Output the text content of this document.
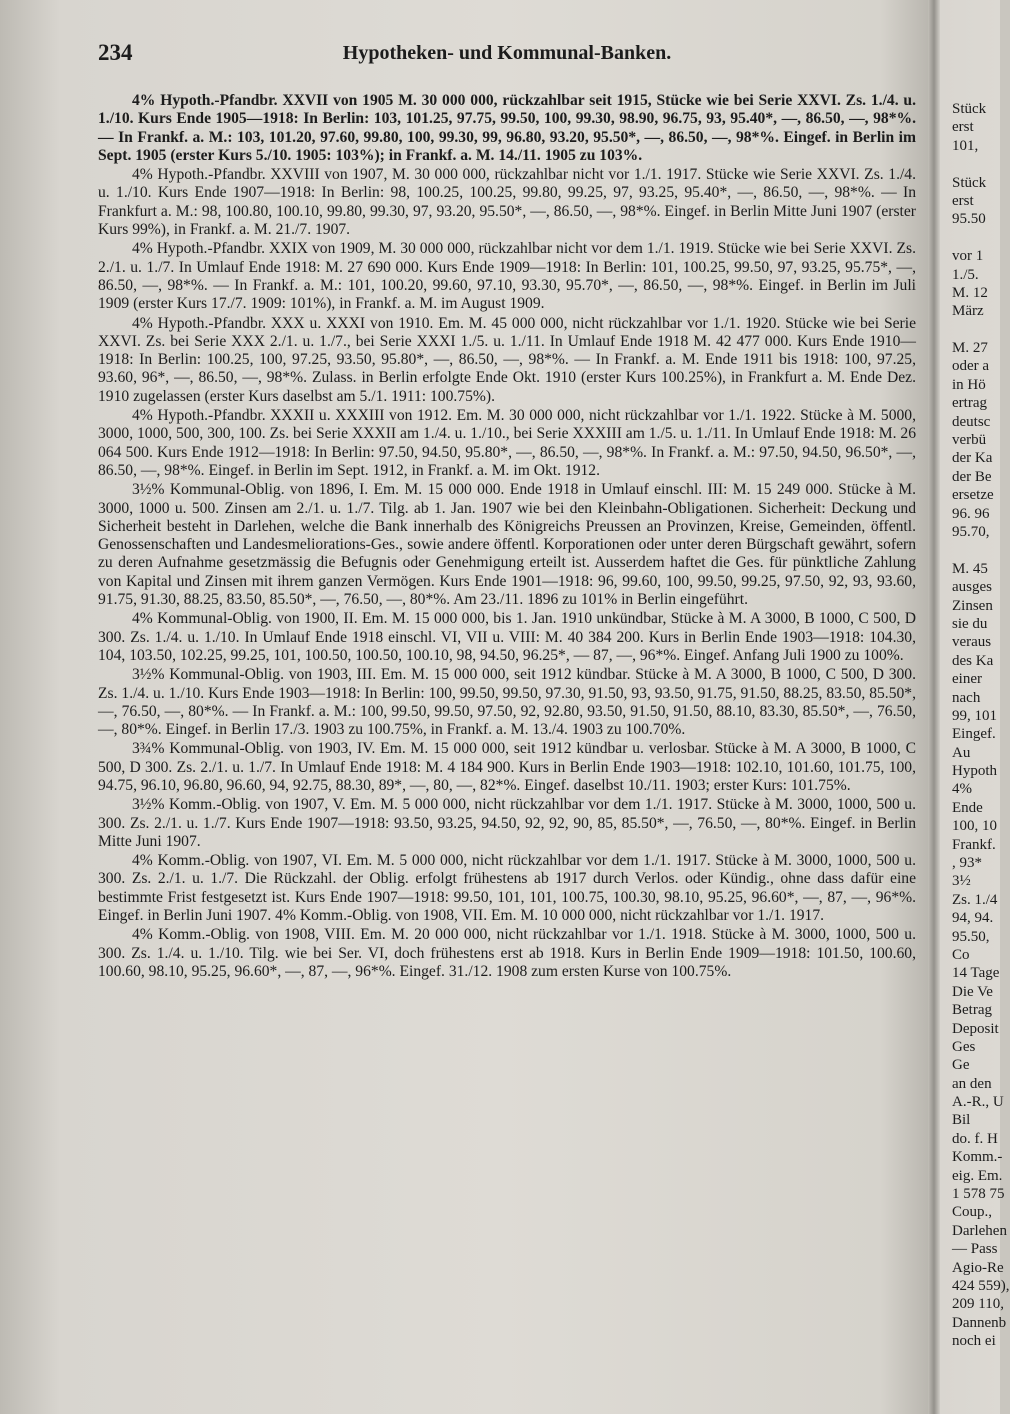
234	Hypotheken- und Kommunal-Banken.

4% Hypoth.-Pfandbr. XXVII von 1905 M. 30 000 000, rückzahlbar seit 1915, Stücke wie bei Serie XXVI. Zs. 1./4. u. 1./10. Kurs Ende 1905—1918: In Berlin: 103, 101.25, 97.75, 99.50, 100, 99.30, 98.90, 96.75, 93, 95.40*, —, 86.50, —, 98*%. — In Frankf. a. M.: 103, 101.20, 97.60, 99.80, 100, 99.30, 99, 96.80, 93.20, 95.50*, —, 86.50, —, 98*%. Eingef. in Berlin im Sept. 1905 (erster Kurs 5./10. 1905: 103%); in Frankf. a. M. 14./11. 1905 zu 103%.

4% Hypoth.-Pfandbr. XXVIII von 1907, M. 30 000 000, rückzahlbar nicht vor 1./1. 1917. Stücke wie Serie XXVI. Zs. 1./4. u. 1./10. Kurs Ende 1907—1918: In Berlin: 98, 100.25, 100.25, 99.80, 99.25, 97, 93.25, 95.40*, —, 86.50, —, 98*%. — In Frankfurt a. M.: 98, 100.80, 100.10, 99.80, 99.30, 97, 93.20, 95.50*, —, 86.50, —, 98*%. Eingef. in Berlin Mitte Juni 1907 (erster Kurs 99%), in Frankf. a. M. 21./7. 1907.

4% Hypoth.-Pfandbr. XXIX von 1909, M. 30 000 000, rückzahlbar nicht vor dem 1./1. 1919. Stücke wie bei Serie XXVI. Zs. 2./1. u. 1./7. In Umlauf Ende 1918: M. 27 690 000. Kurs Ende 1909—1918: In Berlin: 101, 100.25, 99.50, 97, 93.25, 95.75*, —, 86.50, —, 98*%. — In Frankf. a. M.: 101, 100.20, 99.60, 97.10, 93.30, 95.70*, —, 86.50, —, 98*%. Eingef. in Berlin im Juli 1909 (erster Kurs 17./7. 1909: 101%), in Frankf. a. M. im August 1909.

4% Hypoth.-Pfandbr. XXX u. XXXI von 1910. Em. M. 45 000 000, nicht rückzahlbar vor 1./1. 1920. Stücke wie bei Serie XXVI. Zs. bei Serie XXX 2./1. u. 1./7., bei Serie XXXI 1./5. u. 1./11. In Umlauf Ende 1918 M. 42 477 000. Kurs Ende 1910—1918: In Berlin: 100.25, 100, 97.25, 93.50, 95.80*, —, 86.50, —, 98*%. — In Frankf. a. M. Ende 1911 bis 1918: 100, 97.25, 93.60, 96*, —, 86.50, —, 98*%. Zulass. in Berlin erfolgte Ende Okt. 1910 (erster Kurs 100.25%), in Frankfurt a. M. Ende Dez. 1910 zugelassen (erster Kurs daselbst am 5./1. 1911: 100.75%).

4% Hypoth.-Pfandbr. XXXII u. XXXIII von 1912. Em. M. 30 000 000, nicht rückzahlbar vor 1./1. 1922. Stücke à M. 5000, 3000, 1000, 500, 300, 100. Zs. bei Serie XXXII am 1./4. u. 1./10., bei Serie XXXIII am 1./5. u. 1./11. In Umlauf Ende 1918: M. 26 064 500. Kurs Ende 1912—1918: In Berlin: 97.50, 94.50, 95.80*, —, 86.50, —, 98*%. In Frankf. a. M.: 97.50, 94.50, 96.50*, —, 86.50, —, 98*%. Eingef. in Berlin im Sept. 1912, in Frankf. a. M. im Okt. 1912.

3½% Kommunal-Oblig. von 1896, I. Em. M. 15 000 000. Ende 1918 in Umlauf einschl. III: M. 15 249 000. Stücke à M. 3000, 1000 u. 500. Zinsen am 2./1. u. 1./7. Tilg. ab 1. Jan. 1907 wie bei den Kleinbahn-Obligationen. Sicherheit: Deckung und Sicherheit besteht in Darlehen, welche die Bank innerhalb des Königreichs Preussen an Provinzen, Kreise, Gemeinden, öffentl. Genossenschaften und Landesmeliorations-Ges., sowie andere öffentl. Korporationen oder unter deren Bürgschaft gewährt, sofern zu deren Aufnahme gesetzmässig die Befugnis oder Genehmigung erteilt ist. Ausserdem haftet die Ges. für pünktliche Zahlung von Kapital und Zinsen mit ihrem ganzen Vermögen. Kurs Ende 1901—1918: 96, 99.60, 100, 99.50, 99.25, 97.50, 92, 93, 93.60, 91.75, 91.30, 88.25, 83.50, 85.50*, —, 76.50, —, 80*%. Am 23./11. 1896 zu 101% in Berlin eingeführt.

4% Kommunal-Oblig. von 1900, II. Em. M. 15 000 000, bis 1. Jan. 1910 unkündbar, Stücke à M. A 3000, B 1000, C 500, D 300. Zs. 1./4. u. 1./10. In Umlauf Ende 1918 einschl. VI, VII u. VIII: M. 40 384 200. Kurs in Berlin Ende 1903—1918: 104.30, 104, 103.50, 102.25, 99.25, 101, 100.50, 100.50, 100.10, 98, 94.50, 96.25*, — 87, —, 96*%. Eingef. Anfang Juli 1900 zu 100%.

3½% Kommunal-Oblig. von 1903, III. Em. M. 15 000 000, seit 1912 kündbar. Stücke à M. A 3000, B 1000, C 500, D 300. Zs. 1./4. u. 1./10. Kurs Ende 1903—1918: In Berlin: 100, 99.50, 99.50, 97.30, 91.50, 93, 93.50, 91.75, 91.50, 88.25, 83.50, 85.50*, —, 76.50, —, 80*%. — In Frankf. a. M.: 100, 99.50, 99.50, 97.50, 92, 92.80, 93.50, 91.50, 91.50, 88.10, 83.30, 85.50*, —, 76.50, —, 80*%. Eingef. in Berlin 17./3. 1903 zu 100.75%, in Frankf. a. M. 13./4. 1903 zu 100.70%.

3¾% Kommunal-Oblig. von 1903, IV. Em. M. 15 000 000, seit 1912 kündbar u. verlosbar. Stücke à M. A 3000, B 1000, C 500, D 300. Zs. 2./1. u. 1./7. In Umlauf Ende 1918: M. 4 184 900. Kurs in Berlin Ende 1903—1918: 102.10, 101.60, 101.75, 100, 94.75, 96.10, 96.80, 96.60, 94, 92.75, 88.30, 89*, —, 80, —, 82*%. Eingef. daselbst 10./11. 1903; erster Kurs: 101.75%.

3½% Komm.-Oblig. von 1907, V. Em. M. 5 000 000, nicht rückzahlbar vor dem 1./1. 1917. Stücke à M. 3000, 1000, 500 u. 300. Zs. 2./1. u. 1./7. Kurs Ende 1907—1918: 93.50, 93.25, 94.50, 92, 92, 90, 85, 85.50*, —, 76.50, —, 80*%. Eingef. in Berlin Mitte Juni 1907.

4% Komm.-Oblig. von 1907, VI. Em. M. 5 000 000, nicht rückzahlbar vor dem 1./1. 1917. Stücke à M. 3000, 1000, 500 u. 300. Zs. 2./1. u. 1./7. Die Rückzahl. der Oblig. erfolgt frühestens ab 1917 durch Verlos. oder Kündig., ohne dass dafür eine bestimmte Frist festgesetzt ist. Kurs Ende 1907—1918: 99.50, 101, 101, 100.75, 100.30, 98.10, 95.25, 96.60*, —, 87, —, 96*%. Eingef. in Berlin Juni 1907. 4% Komm.-Oblig. von 1908, VII. Em. M. 10 000 000, nicht rückzahlbar vor 1./1. 1917.

4% Komm.-Oblig. von 1908, VIII. Em. M. 20 000 000, nicht rückzahlbar vor 1./1. 1918. Stücke à M. 3000, 1000, 500 u. 300. Zs. 1./4. u. 1./10. Tilg. wie bei Ser. VI, doch frühestens erst ab 1918. Kurs in Berlin Ende 1909—1918: 101.50, 100.60, 100.60, 98.10, 95.25, 96.60*, —, 87, —, 96*%. Eingef. 31./12. 1908 zum ersten Kurse von 100.75%.

Stück
erst
101,
Stück
erst
95.50
vor 1
1./5.
M. 12
März
M. 27
oder a
in Hö
ertrag
deutsc
verbü
der Ka
der Be
ersetze
96. 96
95.70,
M. 45
ausges
Zinsen
sie du
veraus
des Ka
einer
nach
99, 101
Eingef.
Au
Hypoth
4%
Ende
100, 10
Frankf.
, 93*
3½
Zs. 1./4
94, 94.
95.50,
Co
14 Tage
Die Ve
Betrag
Deposit
Ges
Ge
an den
A.-R., U
Bil
do. f. H
Komm.-
eig. Em.
1 578 75
Coup.,
Darlehen
— Pass
Agio-Re
424 559),
209 110,
Dannenb
noch ei
